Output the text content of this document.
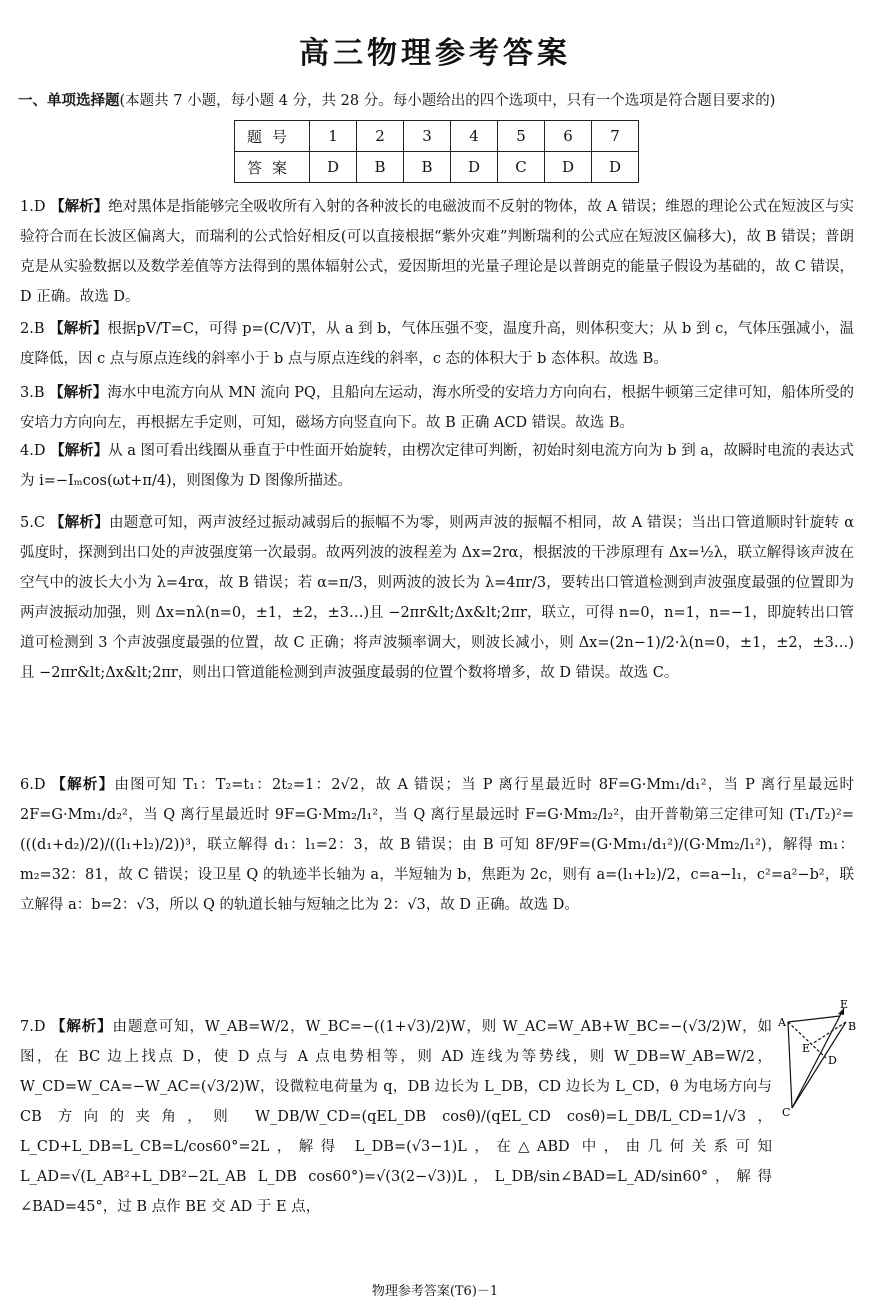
高三物理参考答案
一、单项选择题(本题共 7 小题，每小题 4 分，共 28 分。每小题给出的四个选项中，只有一个选项是符合题目要求的)
题号	1	2	3	4	5	6	7
答案	D	B	B	D	C	D	D
1.D 【解析】绝对黑体是指能够完全吸收所有入射的各种波长的电磁波而不反射的物体，故 A 错误；维恩的理论公式在短波区与实验符合而在长波区偏离大，而瑞利的公式恰好相反(可以直接根据“紫外灾难”判断瑞利的公式应在短波区偏移大)，故 B 错误；普朗克是从实验数据以及数学差值等方法得到的黑体辐射公式，爱因斯坦的光量子理论是以普朗克的能量子假设为基础的，故 C 错误，D 正确。故选 D。
2.B 【解析】根据pV/T=C，可得 p=(C/V)T，从 a 到 b，气体压强不变，温度升高，则体积变大；从 b 到 c，气体压强减小，温度降低，因 c 点与原点连线的斜率小于 b 点与原点连线的斜率，c 态的体积大于 b 态体积。故选 B。
3.B 【解析】海水中电流方向从 MN 流向 PQ，且船向左运动，海水所受的安培力方向向右，根据牛顿第三定律可知，船体所受的安培力方向向左，再根据左手定则，可知，磁场方向竖直向下。故 B 正确 ACD 错误。故选 B。
4.D 【解析】从 a 图可看出线圈从垂直于中性面开始旋转，由楞次定律可判断，初始时刻电流方向为 b 到 a，故瞬时电流的表达式为 i=−Iₘcos(ωt+π/4)，则图像为 D 图像所描述。
5.C 【解析】由题意可知，两声波经过振动减弱后的振幅不为零，则两声波的振幅不相同，故 A 错误；当出口管道顺时针旋转 α 弧度时，探测到出口处的声波强度第一次最弱。故两列波的波程差为 Δx=2rα，根据波的干涉原理有 Δx=½λ，联立解得该声波在空气中的波长大小为 λ=4rα，故 B 错误；若 α=π/3，则两波的波长为 λ=4πr/3，要转出口管道检测到声波强度最强的位置即为两声波振动加强，则 Δx=nλ(n=0，±1，±2，±3…)且 −2πr&lt;Δx&lt;2πr，联立，可得 n=0，n=1，n=−1，即旋转出口管道可检测到 3 个声波强度最强的位置，故 C 正确；将声波频率调大，则波长减小，则 Δx=(2n−1)/2·λ(n=0，±1，±2，±3…)且 −2πr&lt;Δx&lt;2πr，则出口管道能检测到声波强度最弱的位置个数将增多，故 D 错误。故选 C。
6.D 【解析】由图可知 T₁：T₂=t₁：2t₂=1：2√2，故 A 错误；当 P 离行星最近时 8F=G·Mm₁/d₁²，当 P 离行星最远时 2F=G·Mm₁/d₂²，当 Q 离行星最近时 9F=G·Mm₂/l₁²，当 Q 离行星最远时 F=G·Mm₂/l₂²，由开普勒第三定律可知 (T₁/T₂)²=(((d₁+d₂)/2)/((l₁+l₂)/2))³，联立解得 d₁：l₁=2：3，故 B 错误；由 B 可知 8F/9F=(G·Mm₁/d₁²)/(G·Mm₂/l₁²)，解得 m₁：m₂=32：81，故 C 错误；设卫星 Q 的轨迹半长轴为 a，半短轴为 b，焦距为 2c，则有 a=(l₁+l₂)/2，c=a−l₁，c²=a²−b²，联立解得 a：b=2：√3，所以 Q 的轨道长轴与短轴之比为 2：√3，故 D 正确。故选 D。
7.D 【解析】由题意可知，W_AB=W/2，W_BC=−((1+√3)/2)W，则 W_AC=W_AB+W_BC=−(√3/2)W，如图，在 BC 边上找点 D，使 D 点与 A 点电势相等，则 AD 连线为等势线，则 W_DB=W_AB=W/2，W_CD=W_CA=−W_AC=(√3/2)W，设微粒电荷量为 q，DB 边长为 L_DB，CD 边长为 L_CD，θ 为电场方向与 CB 方向的夹角，则 W_DB/W_CD=(qEL_DB cosθ)/(qEL_CD cosθ)=L_DB/L_CD=1/√3，L_CD+L_DB=L_CB=L/cos60°=2L，解得 L_DB=(√3−1)L，在△ABD 中，由几何关系可知 L_AD=√(L_AB²+L_DB²−2L_AB L_DB cos60°)=√(3(2−√3))L，L_DB/sin∠BAD=L_AD/sin60°，解得∠BAD=45°，过 B 点作 BE 交 AD 于 E 点，
A	B
C
D
E
E
物理参考答案(T6)－1
